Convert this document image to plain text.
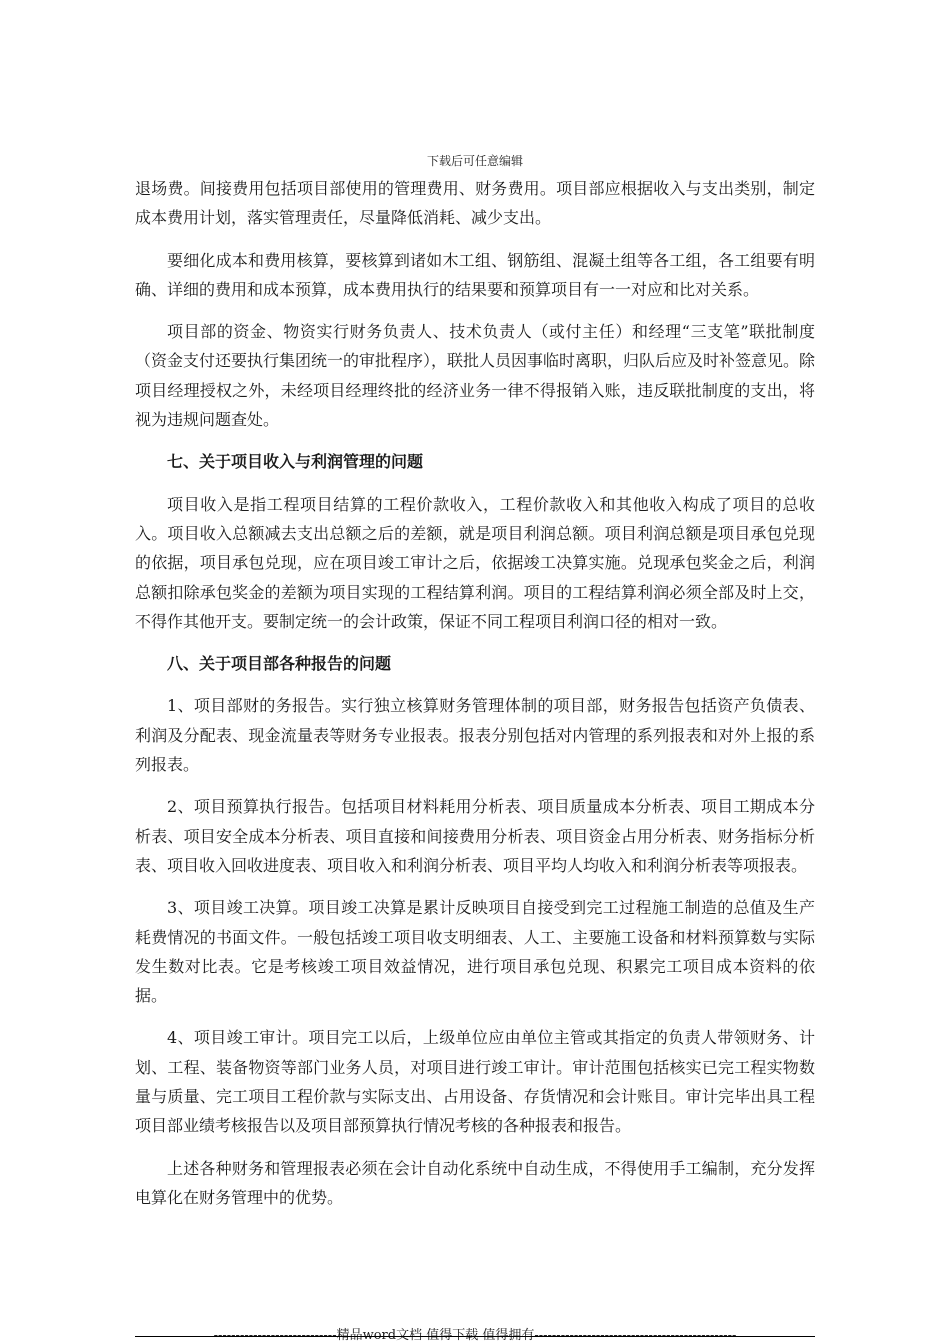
下载后可任意编辑

退场费。间接费用包括项目部使用的管理费用、财务费用。项目部应根据收入与支出类别，制定成本费用计划，落实管理责任，尽量降低消耗、减少支出。

要细化成本和费用核算，要核算到诸如木工组、钢筋组、混凝土组等各工组，各工组要有明确、详细的费用和成本预算，成本费用执行的结果要和预算项目有一一对应和比对关系。

项目部的资金、物资实行财务负责人、技术负责人（或付主任）和经理“三支笔”联批制度（资金支付还要执行集团统一的审批程序），联批人员因事临时离职，归队后应及时补签意见。除项目经理授权之外，未经项目经理终批的经济业务一律不得报销入账，违反联批制度的支出，将视为违规问题查处。

七、关于项目收入与利润管理的问题

项目收入是指工程项目结算的工程价款收入，工程价款收入和其他收入构成了项目的总收入。项目收入总额减去支出总额之后的差额，就是项目利润总额。项目利润总额是项目承包兑现的依据，项目承包兑现，应在项目竣工审计之后，依据竣工决算实施。兑现承包奖金之后，利润总额扣除承包奖金的差额为项目实现的工程结算利润。项目的工程结算利润必须全部及时上交，不得作其他开支。要制定统一的会计政策，保证不同工程项目利润口径的相对一致。

八、关于项目部各种报告的问题

1、项目部财的务报告。实行独立核算财务管理体制的项目部，财务报告包括资产负债表、利润及分配表、现金流量表等财务专业报表。报表分别包括对内管理的系列报表和对外上报的系列报表。

2、项目预算执行报告。包括项目材料耗用分析表、项目质量成本分析表、项目工期成本分析表、项目安全成本分析表、项目直接和间接费用分析表、项目资金占用分析表、财务指标分析表、项目收入回收进度表、项目收入和利润分析表、项目平均人均收入和利润分析表等项报表。

3、项目竣工决算。项目竣工决算是累计反映项目自接受到完工过程施工制造的总值及生产耗费情况的书面文件。一般包括竣工项目收支明细表、人工、主要施工设备和材料预算数与实际发生数对比表。它是考核竣工项目效益情况，进行项目承包兑现、积累完工项目成本资料的依据。

4、项目竣工审计。项目完工以后，上级单位应由单位主管或其指定的负责人带领财务、计划、工程、装备物资等部门业务人员，对项目进行竣工审计。审计范围包括核实已完工程实物数量与质量、完工项目工程价款与实际支出、占用设备、存货情况和会计账目。审计完毕出具工程项目部业绩考核报告以及项目部预算执行情况考核的各种报表和报告。

上述各种财务和管理报表必须在会计自动化系统中自动生成，不得使用手工编制，充分发挥电算化在财务管理中的优势。

----------------------------精品word文档 值得下载 值得拥有----------------------------------------------
